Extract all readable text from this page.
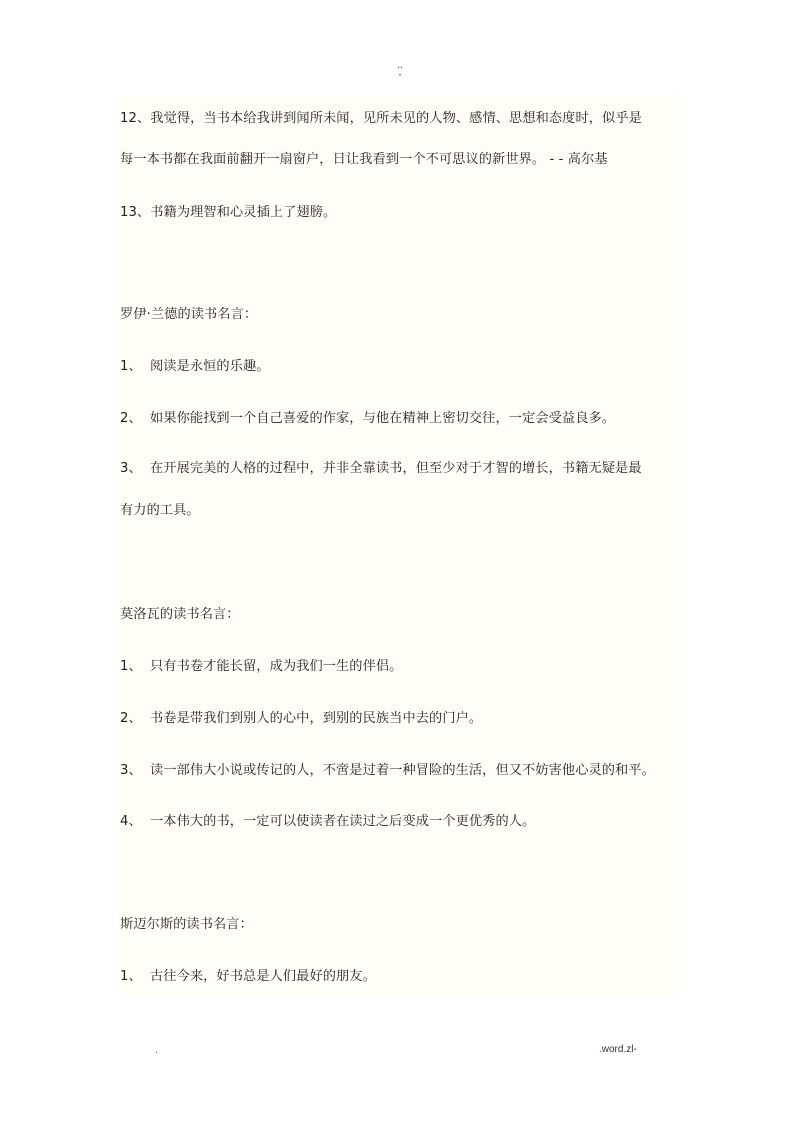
..
-
12、我觉得，当书本给我讲到闻所未闻，见所未见的人物、感情、思想和态度时，似乎是
每一本书都在我面前翻开一扇窗户，日让我看到一个不可思议的新世界。 - - 高尔基
13、书籍为理智和心灵插上了翅膀。
罗伊·兰德的读书名言：
1、 阅读是永恒的乐趣。
2、 如果你能找到一个自己喜爱的作家，与他在精神上密切交往，一定会受益良多。
3、 在开展完美的人格的过程中，并非全靠读书，但至少对于才智的增长，书籍无疑是最
有力的工具。
莫洛瓦的读书名言：
1、 只有书卷才能长留，成为我们一生的伴侣。
2、 书卷是带我们到别人的心中，到别的民族当中去的门户。
3、 读一部伟大小说或传记的人，不啻是过着一种冒险的生活，但又不妨害他心灵的和平。
4、 一本伟大的书，一定可以使读者在读过之后变成一个更优秀的人。
斯迈尔斯的读书名言：
1、 古往今来，好书总是人们最好的朋友。
.	.word.zl-
